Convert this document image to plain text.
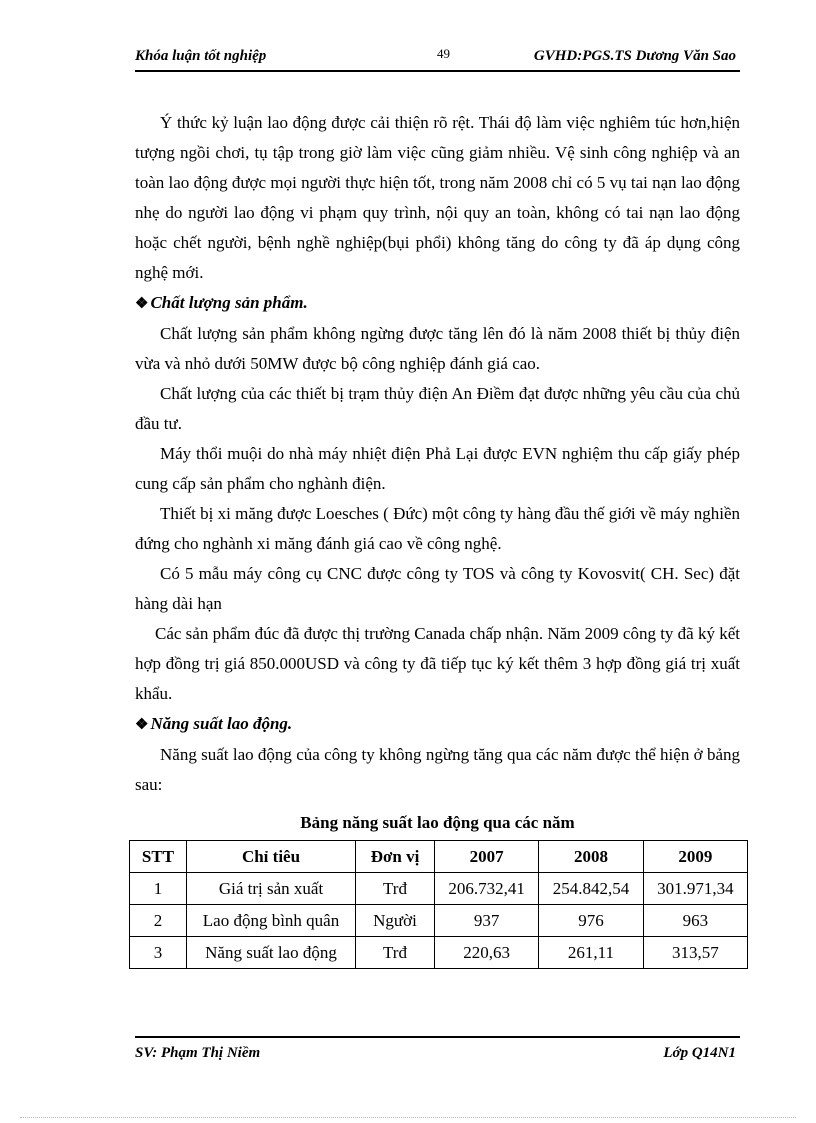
Khóa luận tốt nghiệp	49	GVHD:PGS.TS Dương Văn Sao

Ý thức kỷ luận lao động được cải thiện rõ rệt. Thái độ làm việc nghiêm túc hơn,hiện tượng ngồi chơi, tụ tập trong giờ làm việc cũng giảm nhiều. Vệ sinh công nghiệp và an toàn lao động được mọi người thực hiện tốt, trong năm 2008 chỉ có 5 vụ tai nạn lao động nhẹ do người lao động vi phạm quy trình, nội quy an toàn, không có tai nạn lao động hoặc chết người, bệnh nghề nghiệp(bụi phổi) không tăng do công ty đã áp dụng công nghệ mới.

❖ Chất lượng sản phẩm.

Chất lượng sản phẩm không ngừng được tăng lên đó là năm 2008 thiết bị thủy điện vừa và nhỏ dưới 50MW được bộ công nghiệp đánh giá cao.

Chất lượng của các thiết bị trạm thủy điện An Điềm đạt được những yêu cầu của chủ đầu tư.

Máy thổi muội do nhà máy nhiệt điện Phả Lại được EVN nghiệm thu cấp giấy phép cung cấp sản phẩm cho nghành điện.

Thiết bị xi măng được Loesches ( Đức) một công ty hàng đầu thế giới về máy nghiền đứng cho nghành xi măng đánh giá cao về công nghệ.

Có 5 mẫu máy công cụ CNC được công ty TOS và công ty Kovosvit( CH. Sec) đặt hàng dài hạn

Các sản phẩm đúc đã được thị trường Canada chấp nhận. Năm 2009 công ty đã ký kết hợp đồng trị giá 850.000USD và công ty đã tiếp tục ký kết thêm 3 hợp đồng giá trị xuất khẩu.

❖ Năng suất lao động.

Năng suất lao động của công ty không ngừng tăng qua các năm được thể hiện ở bảng sau:

Bảng năng suất lao động qua các năm

STT	Chỉ tiêu	Đơn vị	2007	2008	2009
1	Giá trị sản xuất	Trđ	206.732,41	254.842,54	301.971,34
2	Lao động bình quân	Người	937	976	963
3	Năng suất lao động	Trđ	220,63	261,11	313,57
SV: Phạm Thị Niềm	Lớp Q14N1
